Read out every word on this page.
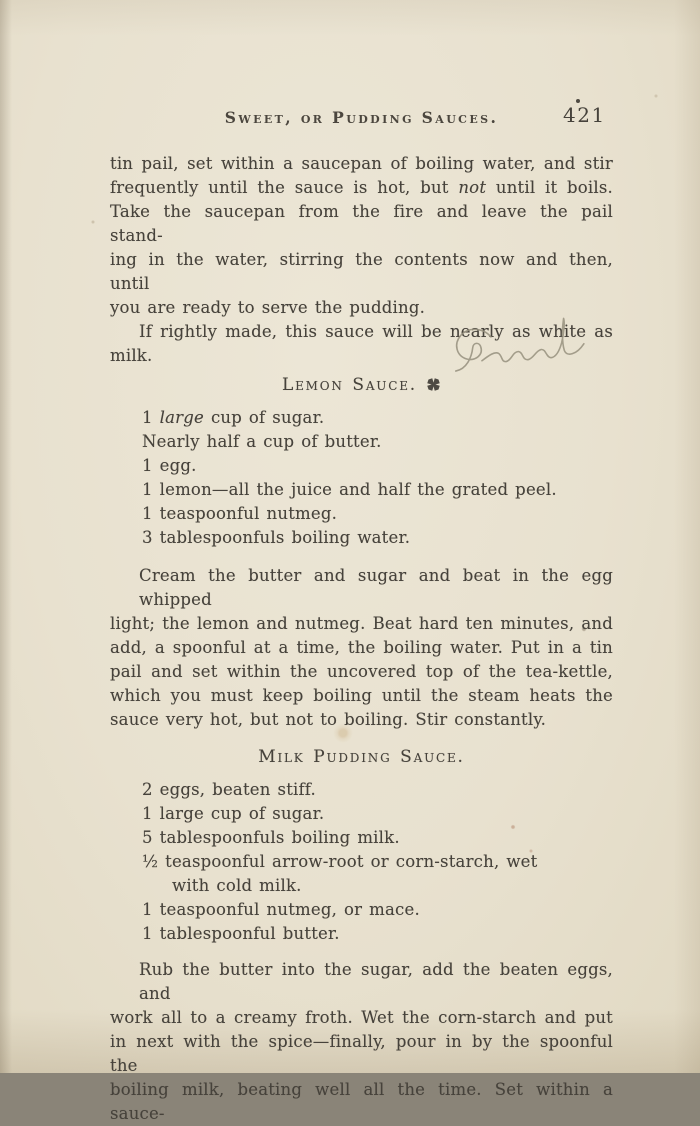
Sweet, or Pudding Sauces.	421
tin pail, set within a saucepan of boiling water, and stir
frequently until the sauce is hot, but not until it boils.
Take the saucepan from the fire and leave the pail stand-
ing in the water, stirring the contents now and then, until
you are ready to serve the pudding.
If rightly made, this sauce will be nearly as white as
milk.
Lemon Sauce.
1 large cup of sugar.
Nearly half a cup of butter.
1 egg.
1 lemon—all the juice and half the grated peel.
1 teaspoonful nutmeg.
3 tablespoonfuls boiling water.
Cream the butter and sugar and beat in the egg whipped
light; the lemon and nutmeg. Beat hard ten minutes, and
add, a spoonful at a time, the boiling water. Put in a tin
pail and set within the uncovered top of the tea-kettle,
which you must keep boiling until the steam heats the
sauce very hot, but not to boiling. Stir constantly.
Milk Pudding Sauce.
2 eggs, beaten stiff.
1 large cup of sugar.
5 tablespoonfuls boiling milk.
½ teaspoonful arrow-root or corn-starch, wet with cold milk.
1 teaspoonful nutmeg, or mace.
1 tablespoonful butter.
Rub the butter into the sugar, add the beaten eggs, and
work all to a creamy froth. Wet the corn-starch and put
in next with the spice—finally, pour in by the spoonful the
boiling milk, beating well all the time. Set within a sauce-
